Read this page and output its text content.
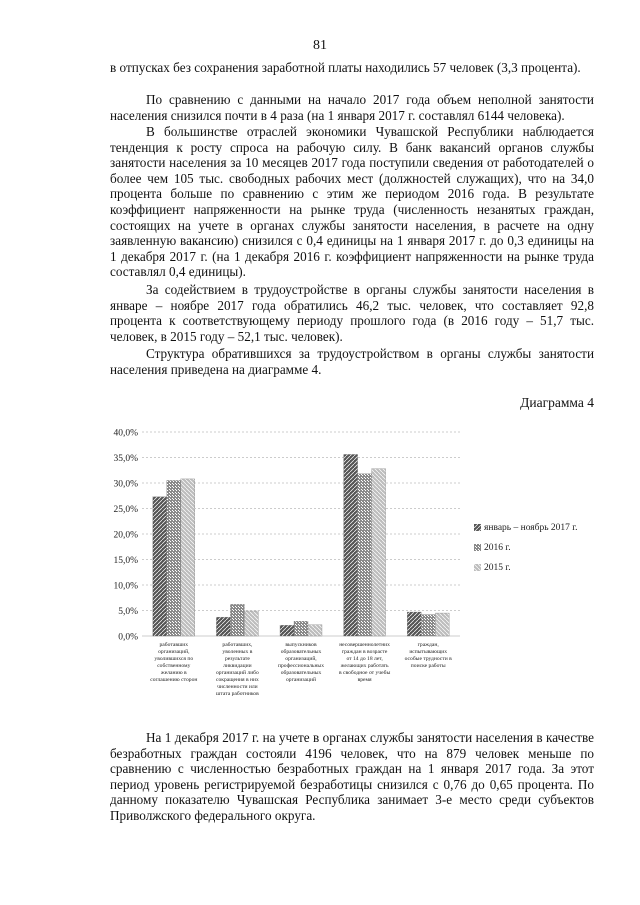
81

в отпусках без сохранения заработной платы находились 57 человек (3,3 процента).

По сравнению с данными на начало 2017 года объем неполной занятости населения снизился почти в 4 раза (на 1 января 2017 г. составлял 6144 человека).

В большинстве отраслей экономики Чувашской Республики наблюдается тенденция к росту спроса на рабочую силу. В банк вакансий органов службы занятости населения за 10 месяцев 2017 года поступили сведения от работодателей о более чем 105 тыс. свободных рабочих мест (должностей служащих), что на 34,0 процента больше по сравнению с этим же периодом 2016 года. В результате коэффициент напряженности на рынке труда (численность незанятых граждан, состоящих на учете в органах службы занятости населения, в расчете на одну заявленную вакансию) снизился с 0,4 единицы на 1 января 2017 г. до 0,3 единицы на 1 декабря 2017 г. (на 1 декабря 2016 г. коэффициент напряженности на рынке труда составлял 0,4 единицы).

За содействием в трудоустройстве в органы службы занятости населения в январе – ноябре 2017 года обратились 46,2 тыс. человек, что составляет 92,8 процента к соответствующему периоду прошлого года (в 2016 году – 51,7 тыс. человек, в 2015 году – 52,1 тыс. человек).

Структура обратившихся за трудоустройством в органы службы занятости населения приведена на диаграмме 4.

Диаграмма 4
0,0%
5,0%
10,0%
15,0%
20,0%
25,0%
30,0%
35,0%
40,0%
работавших организаций, уволившихся по собственному желанию в соглашению сторон
работавших, уволенных в результате ликвидации организаций либо сокращения в них численности или штата работников
выпускников образовательных организаций, профессиональных образовательных организаций
несовершеннолетних граждан в возрасте от 14 до 18 лет, желающих работать в свободное от учебы время
граждан, испытывающих особые трудности в поиске работы
январь – ноябрь 2017 г.
2016 г.
2015 г.

На 1 декабря 2017 г. на учете в органах службы занятости населения в качестве безработных граждан состояли 4196 человек, что на 879 человек меньше по сравнению с численностью безработных граждан на 1 января 2017 года. За этот период уровень регистрируемой безработицы снизился с 0,76 до 0,65 процента. По данному показателю Чувашская Республика занимает 3-е место среди субъектов Приволжского федерального округа.
